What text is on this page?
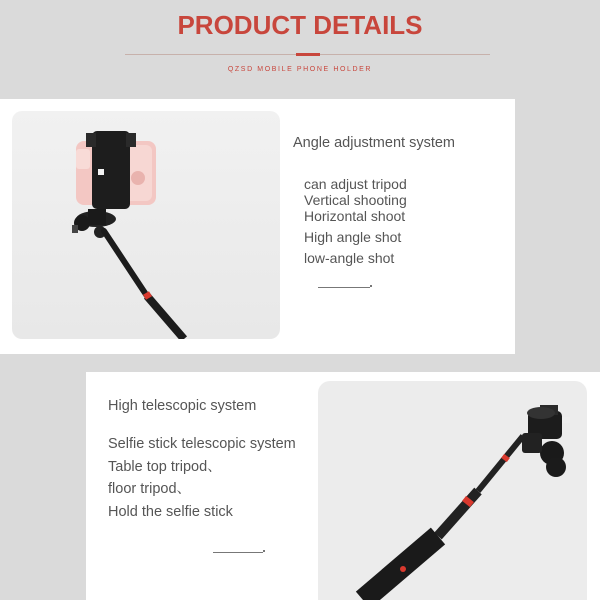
PRODUCT DETAILS
QZSD MOBILE PHONE HOLDER
Angle adjustment system
can adjust tripod
Vertical shooting
Horizontal shoot
High angle shot
low-angle shot
High telescopic system
Selfie stick telescopic system
Table top tripod、
floor tripod、
Hold the selfie stick
